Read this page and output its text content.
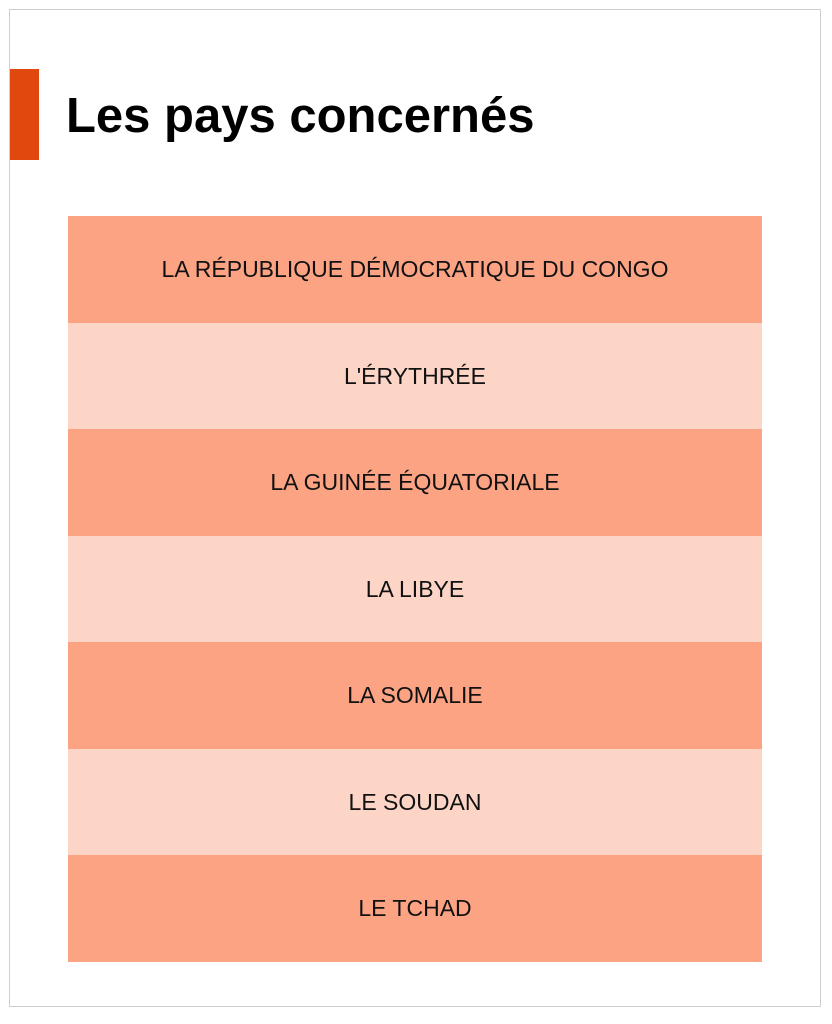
Les pays concernés
LA RÉPUBLIQUE DÉMOCRATIQUE DU CONGO
L'ÉRYTHRÉE
LA GUINÉE ÉQUATORIALE
LA LIBYE
LA SOMALIE
LE SOUDAN
LE TCHAD
